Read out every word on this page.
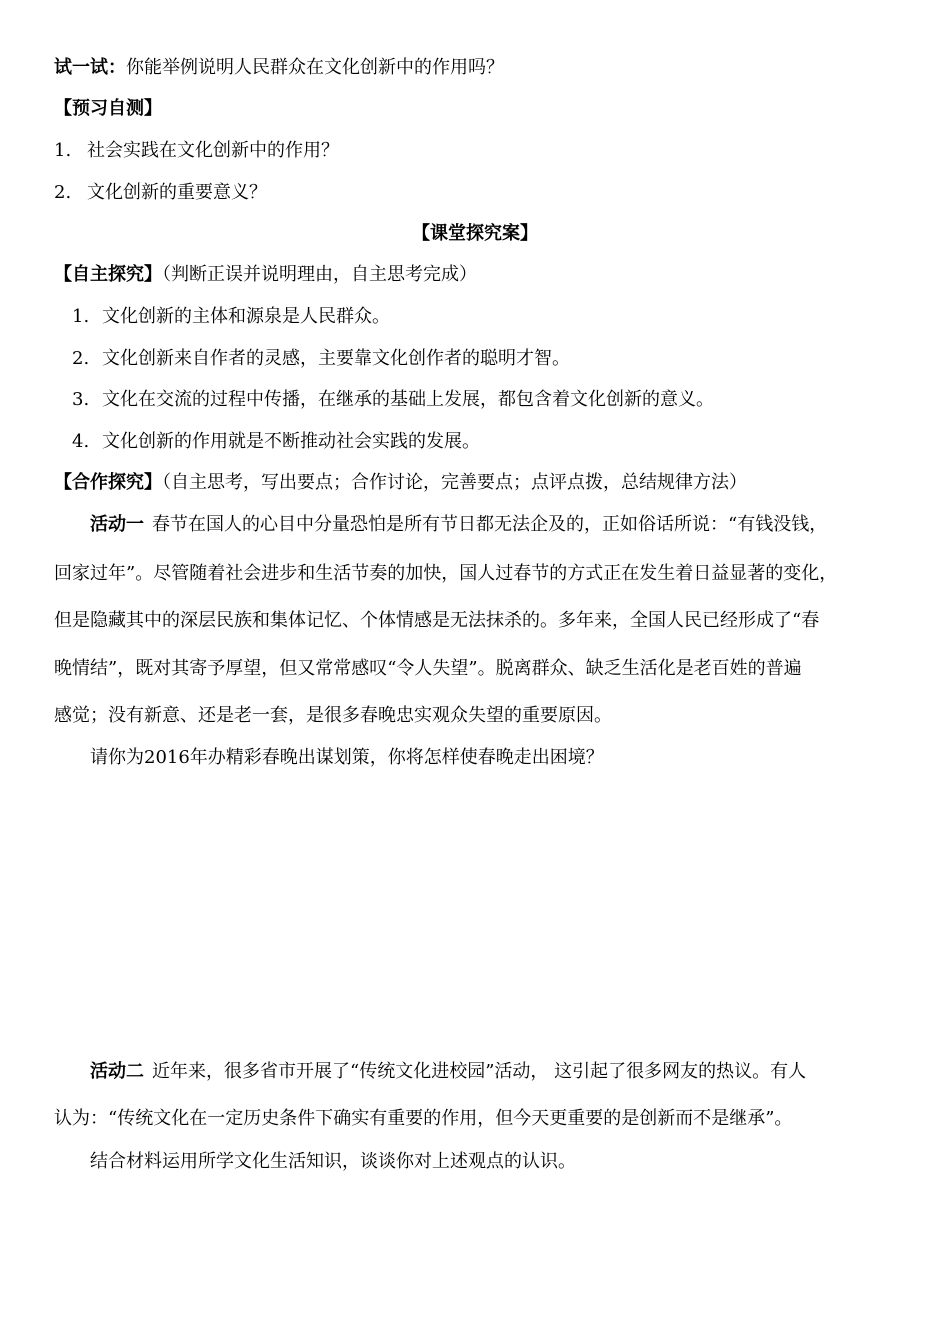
试一试：你能举例说明人民群众在文化创新中的作用吗？
【预习自测】
1. 社会实践在文化创新中的作用？
2. 文化创新的重要意义？
【课堂探究案】
【自主探究】（判断正误并说明理由，自主思考完成）
1. 文化创新的主体和源泉是人民群众。
2. 文化创新来自作者的灵感，主要靠文化创作者的聪明才智。
3. 文化在交流的过程中传播，在继承的基础上发展，都包含着文化创新的意义。
4. 文化创新的作用就是不断推动社会实践的发展。
【合作探究】（自主思考，写出要点；合作讨论，完善要点；点评点拨，总结规律方法）
活动一 春节在国人的心目中分量恐怕是所有节日都无法企及的，正如俗话所说：“有钱没钱，
回家过年”。尽管随着社会进步和生活节奏的加快，国人过春节的方式正在发生着日益显著的变化，
但是隐藏其中的深层民族和集体记忆、个体情感是无法抹杀的。多年来，全国人民已经形成了“春
晚情结”，既对其寄予厚望，但又常常感叹“令人失望”。脱离群众、缺乏生活化是老百姓的普遍
感觉；没有新意、还是老一套，是很多春晚忠实观众失望的重要原因。
请你为2016年办精彩春晚出谋划策，你将怎样使春晚走出困境？
活动二 近年来，很多省市开展了“传统文化进校园”活动， 这引起了很多网友的热议。有人
认为：“传统文化在一定历史条件下确实有重要的作用，但今天更重要的是创新而不是继承”。
结合材料运用所学文化生活知识，谈谈你对上述观点的认识。
